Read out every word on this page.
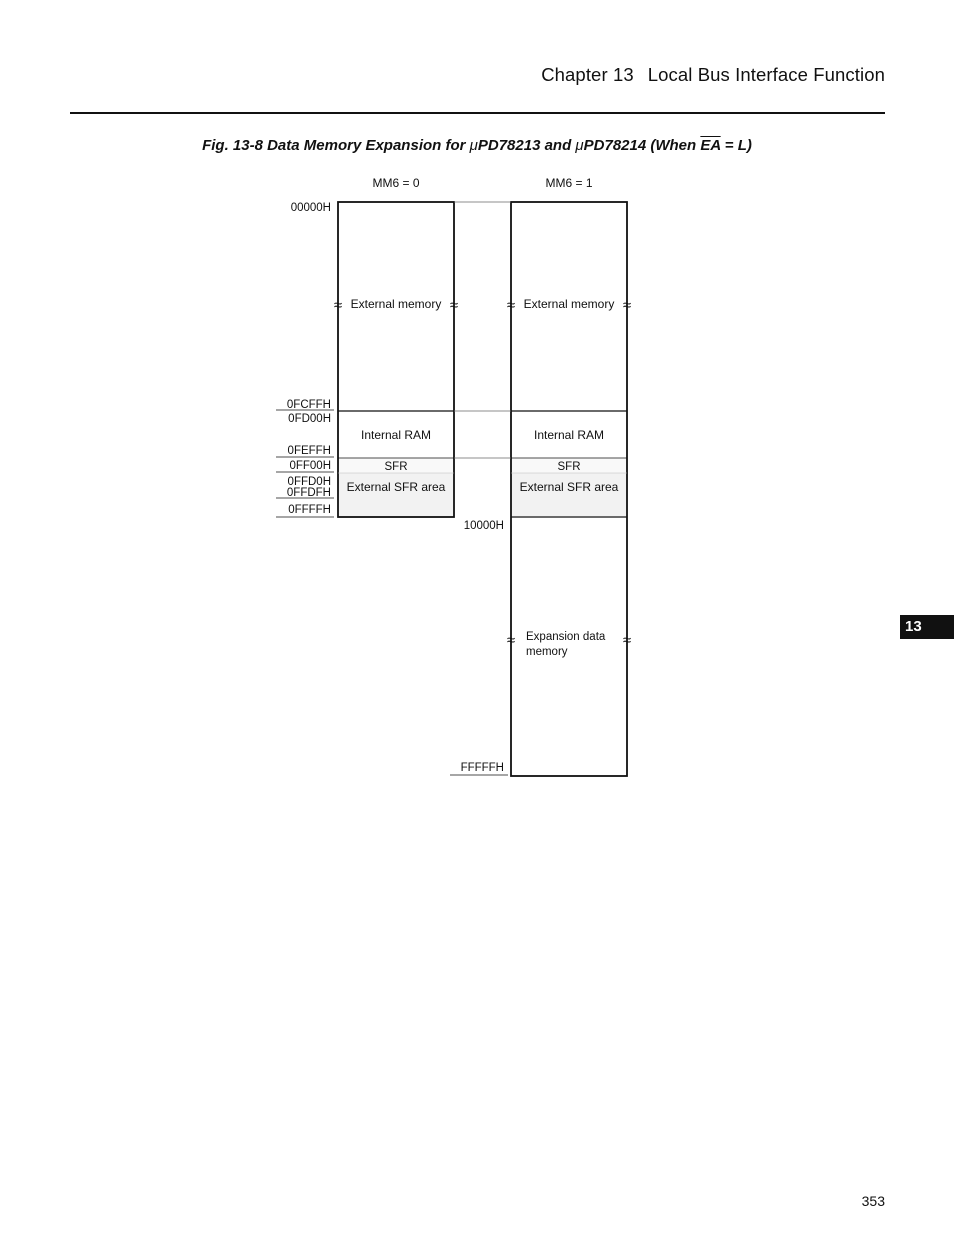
Chapter 13 Local Bus Interface Function
Fig. 13-8 Data Memory Expansion for μPD78213 and μPD78214 (When $\overline{EA} = L$)
MM6 = 0	MM6 = 1
External memory	External memory
Internal RAM	Internal RAM
SFR	SFR
External SFR area	External SFR area
Expansion data
memory
≈	≈	≈	≈
≈	≈
00000H
0FCFFH
0FD00H
0FEFFH
0FF00H
0FFD0H
0FFDFH
0FFFFH
10000H
FFFFFH
13
353
